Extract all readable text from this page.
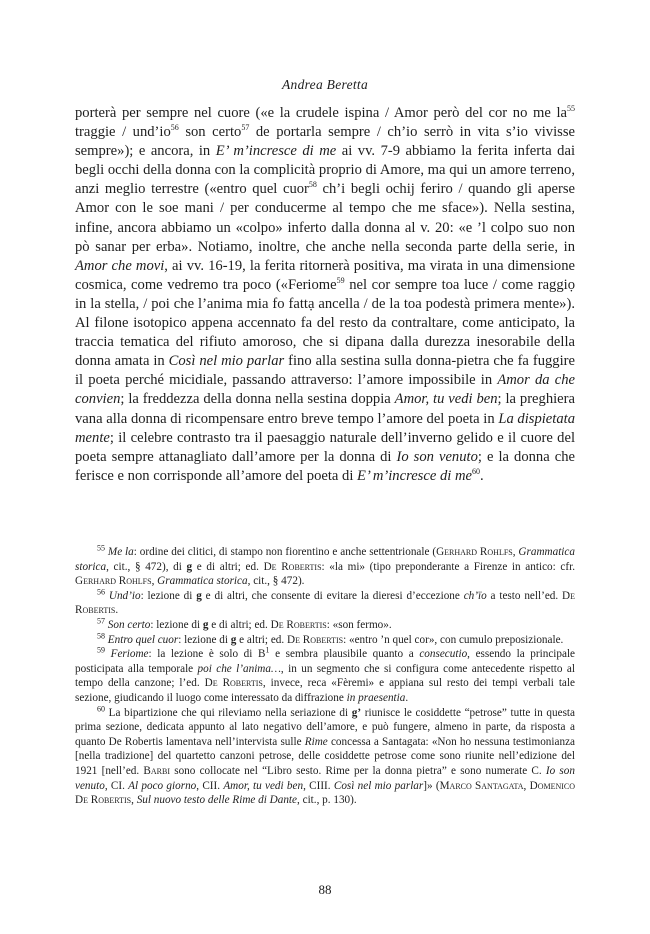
Andrea Beretta

porterà per sempre nel cuore («e la crudele ispina / Amor però del cor no me la$^{55}$ traggie / und’io$^{56}$ son certo$^{57}$ de portarla sempre / ch’io serrò in vita s’io vivisse sempre»); e ancora, in E’ m’incresce di me ai vv. 7-9 abbiamo la ferita inferta dai begli occhi della donna con la complicità proprio di Amore, ma qui un amore terreno, anzi meglio terrestre («entro quel cuor$^{58}$ ch’i begli ochij feriro / quando gli aperse Amor con le soe mani / per conducerme al tempo che me sface»). Nella sestina, infine, ancora abbiamo un «colpo» inferto dalla donna al v. 20: «e ’l colpo suo non pò sanar per erba». Notiamo, inoltre, che anche nella seconda parte della serie, in Amor che movi, ai vv. 16-19, la ferita ritornerà positiva, ma virata in una dimensione cosmica, come vedremo tra poco («Feriome$^{59}$ nel cor sempre toa luce / come raggiọ in la stella, / poi che l’anima mia fo fattạ ancella / de la toa podestà primera mente»). Al filone isotopico appena accennato fa del resto da contraltare, come anticipato, la traccia tematica del rifiuto amoroso, che si dipana dalla durezza inesorabile della donna amata in Così nel mio parlar fino alla sestina sulla donna-pietra che fa fuggire il poeta perché micidiale, passando attraverso: l’amore impossibile in Amor da che convien; la freddezza della donna nella sestina doppia Amor, tu vedi ben; la preghiera vana alla donna di ricompensare entro breve tempo l’amore del poeta in La dispietata mente; il celebre contrasto tra il paesaggio naturale dell’inverno gelido e il cuore del poeta sempre attanagliato dall’amore per la donna di Io son venuto; e la donna che ferisce e non corrisponde all’amore del poeta di E’ m’incresce di me$^{60}$.

$^{55}$ Me la: ordine dei clitici, di stampo non fiorentino e anche settentrionale (Gerhard Rohlfs, Grammatica storica, cit., § 472), di g e di altri; ed. De Robertis: «la mi» (tipo preponderante a Firenze in antico: cfr. Gerhard Rohlfs, Grammatica storica, cit., § 472).

$^{56}$ Und’io: lezione di g e di altri, che consente di evitare la dieresi d’eccezione ch’ïo a testo nell’ed. De Robertis.

$^{57}$ Son certo: lezione di g e di altri; ed. De Robertis: «son fermo».

$^{58}$ Entro quel cuor: lezione di g e altri; ed. De Robertis: «entro ’n quel cor», con cumulo preposizionale.

$^{59}$ Feriome: la lezione è solo di B$^1$ e sembra plausibile quanto a consecutio, essendo la principale posticipata alla temporale poi che l’anima…, in un segmento che si configura come antecedente rispetto al tempo della canzone; l’ed. De Robertis, invece, reca «Fèremi» e appiana sul resto dei tempi verbali tale sezione, giudicando il luogo come interessato da diffrazione in praesentia.

$^{60}$ La bipartizione che qui rileviamo nella seriazione di g’ riunisce le cosiddette “petrose” tutte in questa prima sezione, dedicata appunto al lato negativo dell’amore, e può fungere, almeno in parte, da risposta a quanto De Robertis lamentava nell’intervista sulle Rime concessa a Santagata: «Non ho nessuna testimonianza [nella tradizione] del quartetto canzoni petrose, delle cosiddette petrose come sono riunite nell’edizione del 1921 [nell’ed. Barbi sono collocate nel “Libro sesto. Rime per la donna pietra” e sono numerate C. Io son venuto, CI. Al poco giorno, CII. Amor, tu vedi ben, CIII. Così nel mio parlar]» (Marco Santagata, Domenico De Robertis, Sul nuovo testo delle Rime di Dante, cit., p. 130).

88
